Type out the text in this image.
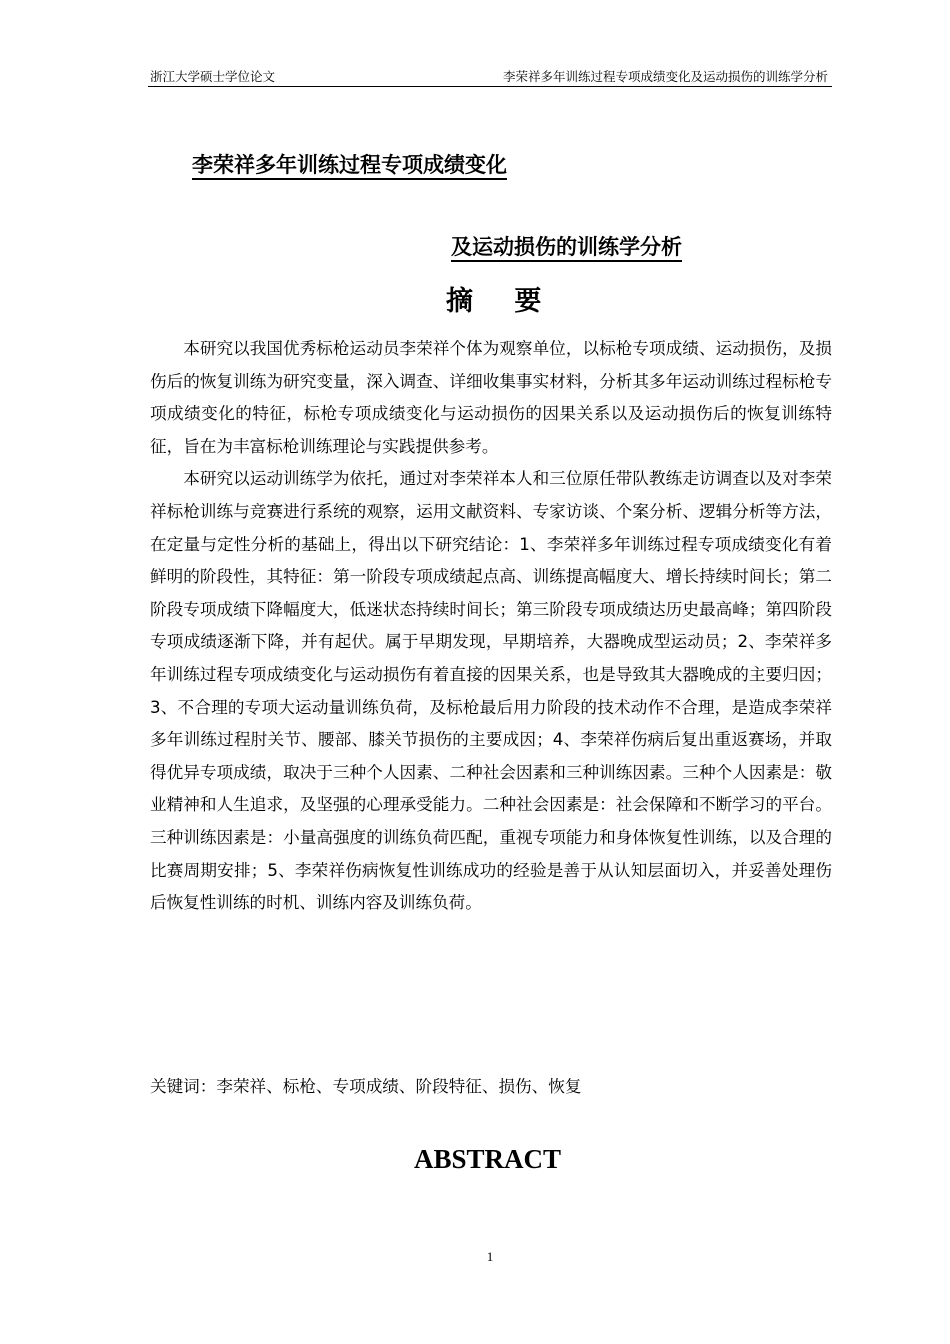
浙江大学硕士学位论文	李荣祥多年训练过程专项成绩变化及运动损伤的训练学分析
李荣祥多年训练过程专项成绩变化
及运动损伤的训练学分析
摘 要

本研究以我国优秀标枪运动员李荣祥个体为观察单位，以标枪专项成绩、运动损伤，及损伤后的恢复训练为研究变量，深入调查、详细收集事实材料，分析其多年运动训练过程标枪专项成绩变化的特征，标枪专项成绩变化与运动损伤的因果关系以及运动损伤后的恢复训练特征，旨在为丰富标枪训练理论与实践提供参考。

本研究以运动训练学为依托，通过对李荣祥本人和三位原任带队教练走访调查以及对李荣祥标枪训练与竞赛进行系统的观察，运用文献资料、专家访谈、个案分析、逻辑分析等方法，在定量与定性分析的基础上，得出以下研究结论：1、李荣祥多年训练过程专项成绩变化有着鲜明的阶段性，其特征：第一阶段专项成绩起点高、训练提高幅度大、增长持续时间长；第二阶段专项成绩下降幅度大，低迷状态持续时间长；第三阶段专项成绩达历史最高峰；第四阶段专项成绩逐渐下降，并有起伏。属于早期发现，早期培养，大器晚成型运动员；2、李荣祥多年训练过程专项成绩变化与运动损伤有着直接的因果关系，也是导致其大器晚成的主要归因；3、不合理的专项大运动量训练负荷，及标枪最后用力阶段的技术动作不合理，是造成李荣祥多年训练过程肘关节、腰部、膝关节损伤的主要成因；4、李荣祥伤病后复出重返赛场，并取得优异专项成绩，取决于三种个人因素、二种社会因素和三种训练因素。三种个人因素是：敬业精神和人生追求，及坚强的心理承受能力。二种社会因素是：社会保障和不断学习的平台。三种训练因素是：小量高强度的训练负荷匹配，重视专项能力和身体恢复性训练，以及合理的比赛周期安排；5、李荣祥伤病恢复性训练成功的经验是善于从认知层面切入，并妥善处理伤后恢复性训练的时机、训练内容及训练负荷。

关键词：李荣祥、标枪、专项成绩、阶段特征、损伤、恢复
ABSTRACT
1
